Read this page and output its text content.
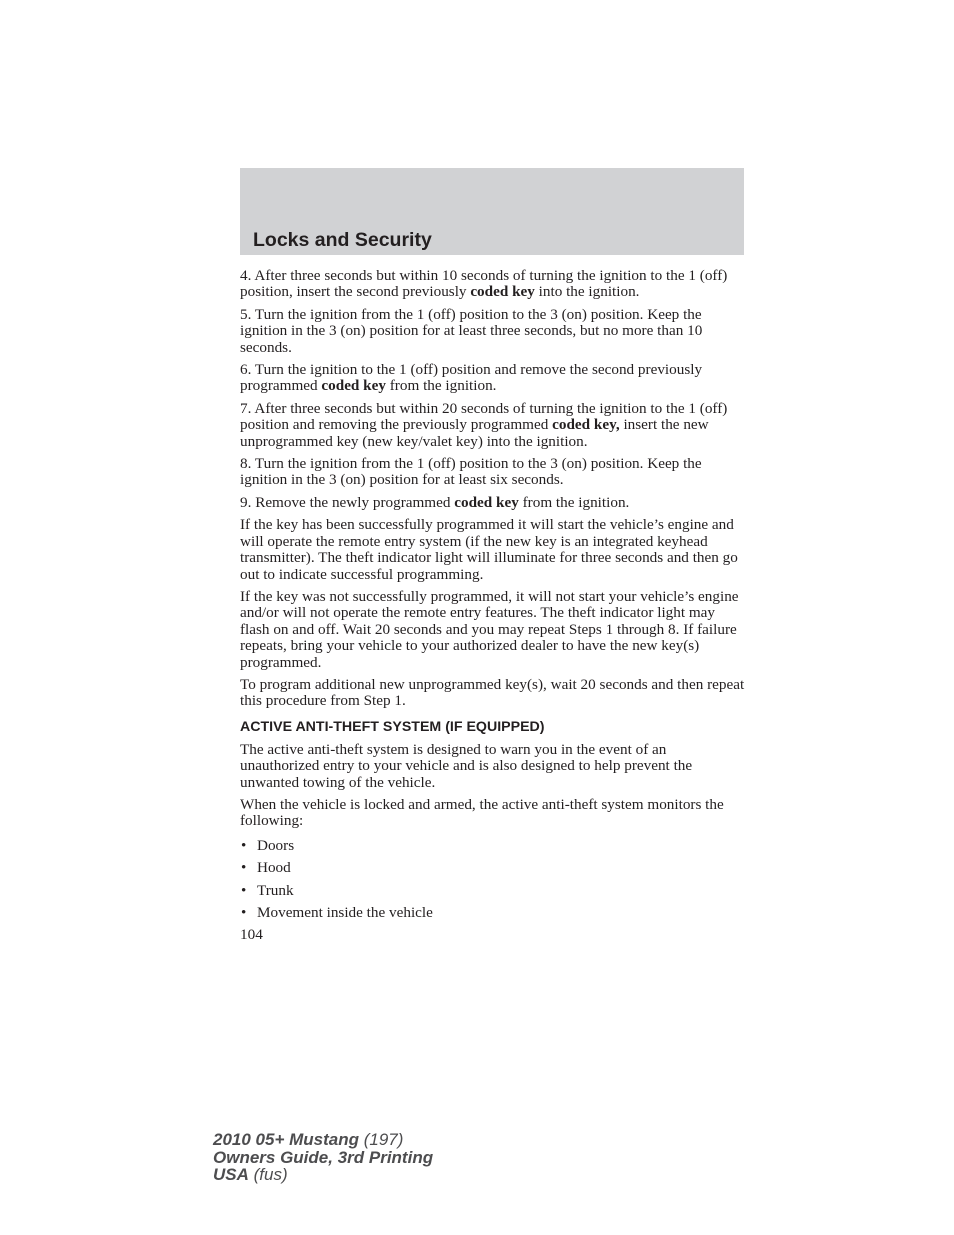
Locks and Security

4. After three seconds but within 10 seconds of turning the ignition to the 1 (off) position, insert the second previously coded key into the ignition.

5. Turn the ignition from the 1 (off) position to the 3 (on) position. Keep the ignition in the 3 (on) position for at least three seconds, but no more than 10 seconds.

6. Turn the ignition to the 1 (off) position and remove the second previously programmed coded key from the ignition.

7. After three seconds but within 20 seconds of turning the ignition to the 1 (off) position and removing the previously programmed coded key, insert the new unprogrammed key (new key/valet key) into the ignition.

8. Turn the ignition from the 1 (off) position to the 3 (on) position. Keep the ignition in the 3 (on) position for at least six seconds.

9. Remove the newly programmed coded key from the ignition.

If the key has been successfully programmed it will start the vehicle’s engine and will operate the remote entry system (if the new key is an integrated keyhead transmitter). The theft indicator light will illuminate for three seconds and then go out to indicate successful programming.

If the key was not successfully programmed, it will not start your vehicle’s engine and/or will not operate the remote entry features. The theft indicator light may flash on and off. Wait 20 seconds and you may repeat Steps 1 through 8. If failure repeats, bring your vehicle to your authorized dealer to have the new key(s) programmed.

To program additional new unprogrammed key(s), wait 20 seconds and then repeat this procedure from Step 1.

ACTIVE ANTI-THEFT SYSTEM (IF EQUIPPED)

The active anti-theft system is designed to warn you in the event of an unauthorized entry to your vehicle and is also designed to help prevent the unwanted towing of the vehicle.

When the vehicle is locked and armed, the active anti-theft system monitors the following:

• Doors
• Hood
• Trunk
• Movement inside the vehicle
104
2010 05+ Mustang (197)
Owners Guide, 3rd Printing
USA (fus)
